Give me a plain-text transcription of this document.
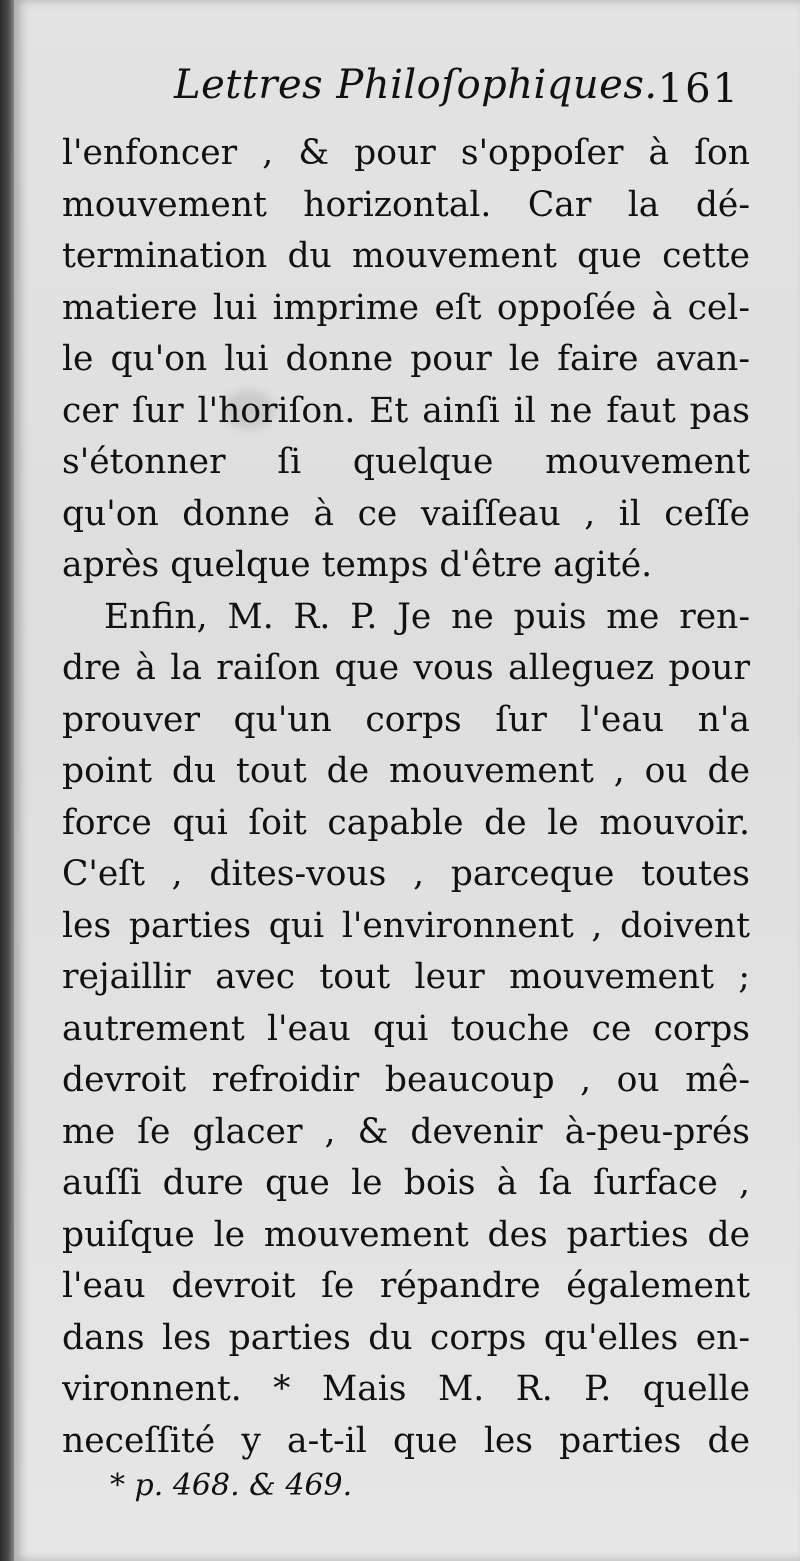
Lettres Philoſophiques. 161
l'enfoncer , & pour s'oppoſer à ſon
mouvement horizontal. Car la dé-
termination du mouvement que cette
matiere lui imprime eſt oppoſée à cel-
le qu'on lui donne pour le faire avan-
cer ſur l'horiſon. Et ainſi il ne faut pas
s'étonner ſi quelque mouvement
qu'on donne à ce vaiſſeau , il ceſſe
après quelque temps d'être agité.
Enfin, M. R. P. Je ne puis me ren-
dre à la raiſon que vous alleguez pour
prouver qu'un corps ſur l'eau n'a
point du tout de mouvement , ou de
force qui ſoit capable de le mouvoir.
C'eſt , dites-vous , parceque toutes
les parties qui l'environnent , doivent
rejaillir avec tout leur mouvement ;
autrement l'eau qui touche ce corps
devroit refroidir beaucoup , ou mê-
me ſe glacer , & devenir à-peu-prés
auſſi dure que le bois à ſa ſurface ,
puiſque le mouvement des parties de
l'eau devroit ſe répandre également
dans les parties du corps qu'elles en-
vironnent. * Mais M. R. P. quelle
neceſſité y a-t-il que les parties de
* p. 468. & 469.
